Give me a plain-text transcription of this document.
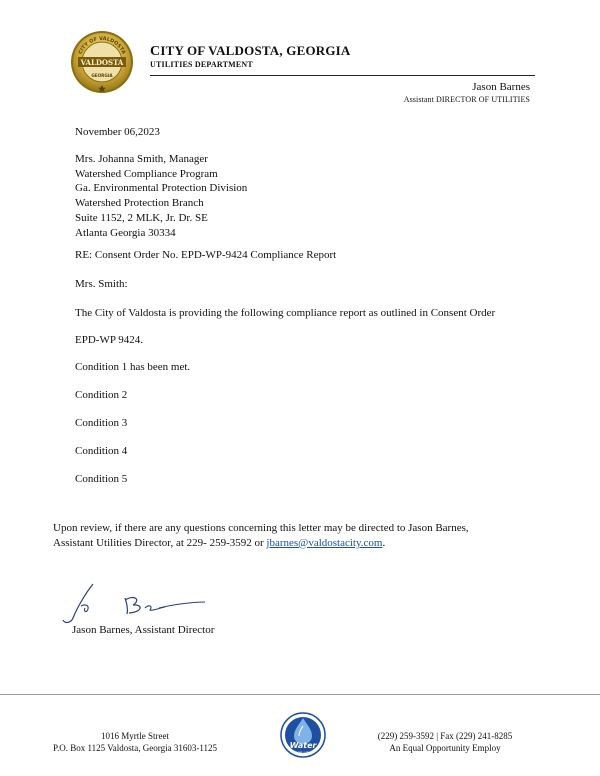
CITY OF VALDOSTA
VALDOSTA
GEORGIA
CITY OF VALDOSTA, GEORGIA
UTILITIES DEPARTMENT
Jason Barnes
Assistant DIRECTOR OF UTILITIES
November 06,2023
Mrs. Johanna Smith, Manager
Watershed Compliance Program
Ga. Environmental Protection Division
Watershed Protection Branch
Suite 1152, 2 MLK, Jr. Dr. SE
Atlanta Georgia 30334
RE: Consent Order No. EPD-WP-9424 Compliance Report
Mrs. Smith:
The City of Valdosta is providing the following compliance report as outlined in Consent Order
EPD-WP 9424.
Condition 1 has been met.
Condition 2
Condition 3
Condition 4
Condition 5
Upon review, if there are any questions concerning this letter may be directed to Jason Barnes,
Assistant Utilities Director, at 229- 259-3592 or jbarnes@valdostacity.com.
Jason Barnes, Assistant Director
1016 Myrtle Street
P.O. Box 1125 Valdosta, Georgia 31603-1125	Water
FOR LIFE
(229) 259-3592 | Fax (229) 241-8285
An Equal Opportunity Employ
